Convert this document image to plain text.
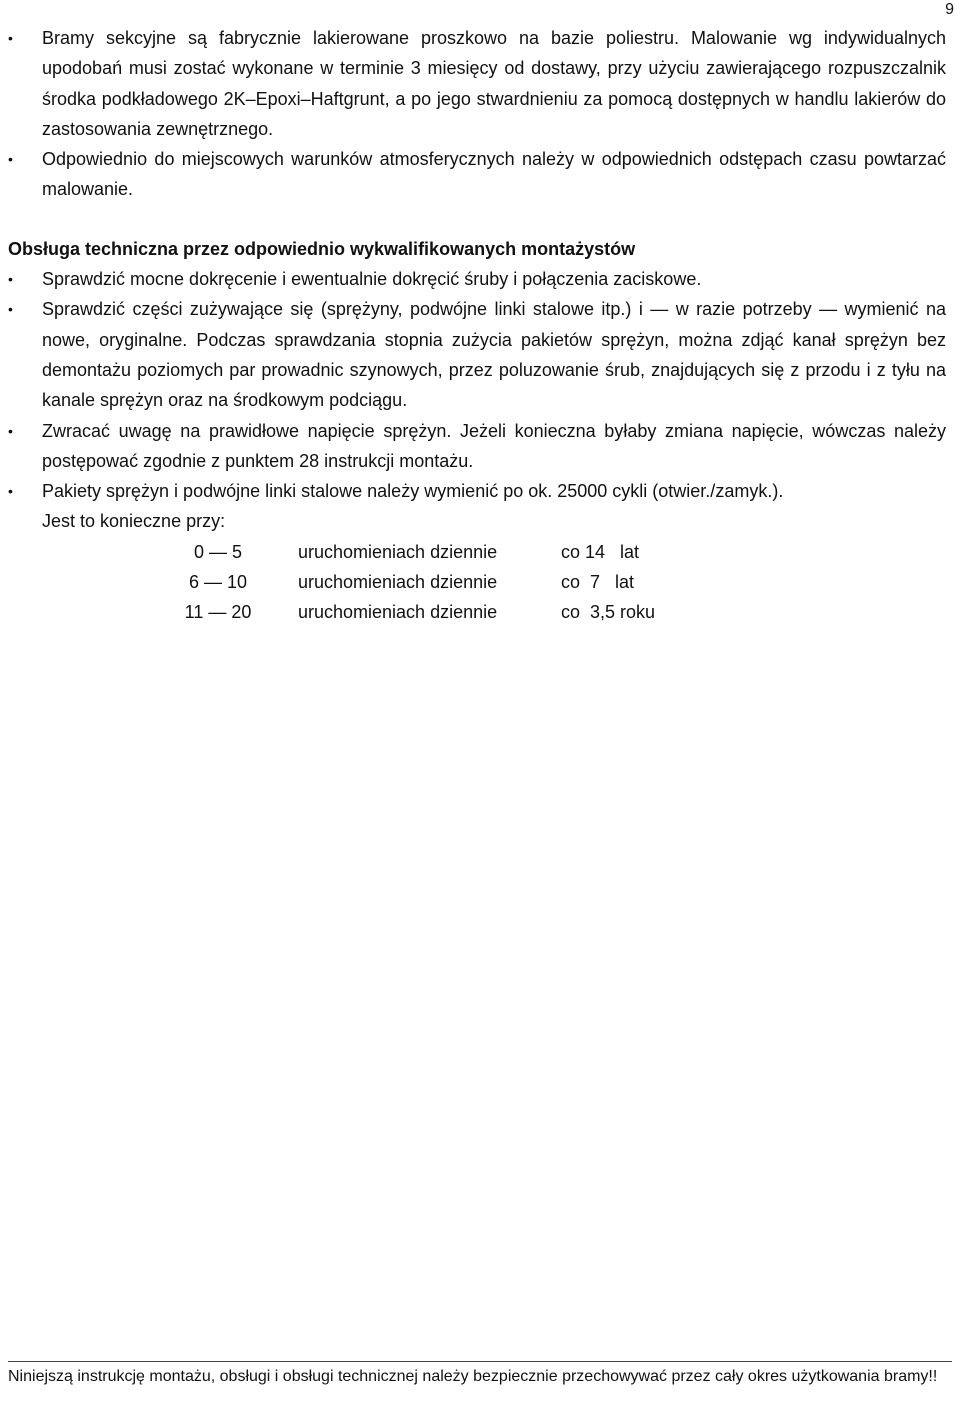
9
• Bramy sekcyjne są fabrycznie lakierowane proszkowo na bazie poliestru. Malowanie wg indywidualnych upodobań musi zostać wykonane w terminie 3 miesięcy od dostawy, przy użyciu zawierającego rozpuszczalnik środka podkładowego 2K–Epoxi–Haftgrunt, a po jego stwardnieniu za pomocą dostępnych w handlu lakierów do zastosowania zewnętrznego.
• Odpowiednio do miejscowych warunków atmosferycznych należy w odpowiednich odstępach czasu powtarzać malowanie.
Obsługa techniczna przez odpowiednio wykwalifikowanych montażystów
• Sprawdzić mocne dokręcenie i ewentualnie dokręcić śruby i połączenia zaciskowe.
• Sprawdzić części zużywające się (sprężyny, podwójne linki stalowe itp.) i — w razie potrzeby — wymienić na nowe, oryginalne. Podczas sprawdzania stopnia zużycia pakietów sprężyn, można zdjąć kanał sprężyn bez demontażu poziomych par prowadnic szynowych, przez poluzowanie śrub, znajdujących się z przodu i z tyłu na kanale sprężyn oraz na środkowym podciągu.
• Zwracać uwagę na prawidłowe napięcie sprężyn. Jeżeli konieczna byłaby zmiana napięcie, wówczas należy postępować zgodnie z punktem 28 instrukcji montażu.
• Pakiety sprężyn i podwójne linki stalowe należy wymienić po ok. 25000 cykli (otwier./zamyk.).
Jest to konieczne przy:
0 — 5	uruchomieniach dziennie	co 14   lat
6 — 10	uruchomieniach dziennie	co  7   lat
11 — 20	uruchomieniach dziennie	co  3,5 roku
Niniejszą instrukcję montażu, obsługi i obsługi technicznej należy bezpiecznie przechowywać przez cały okres użytkowania bramy!!
